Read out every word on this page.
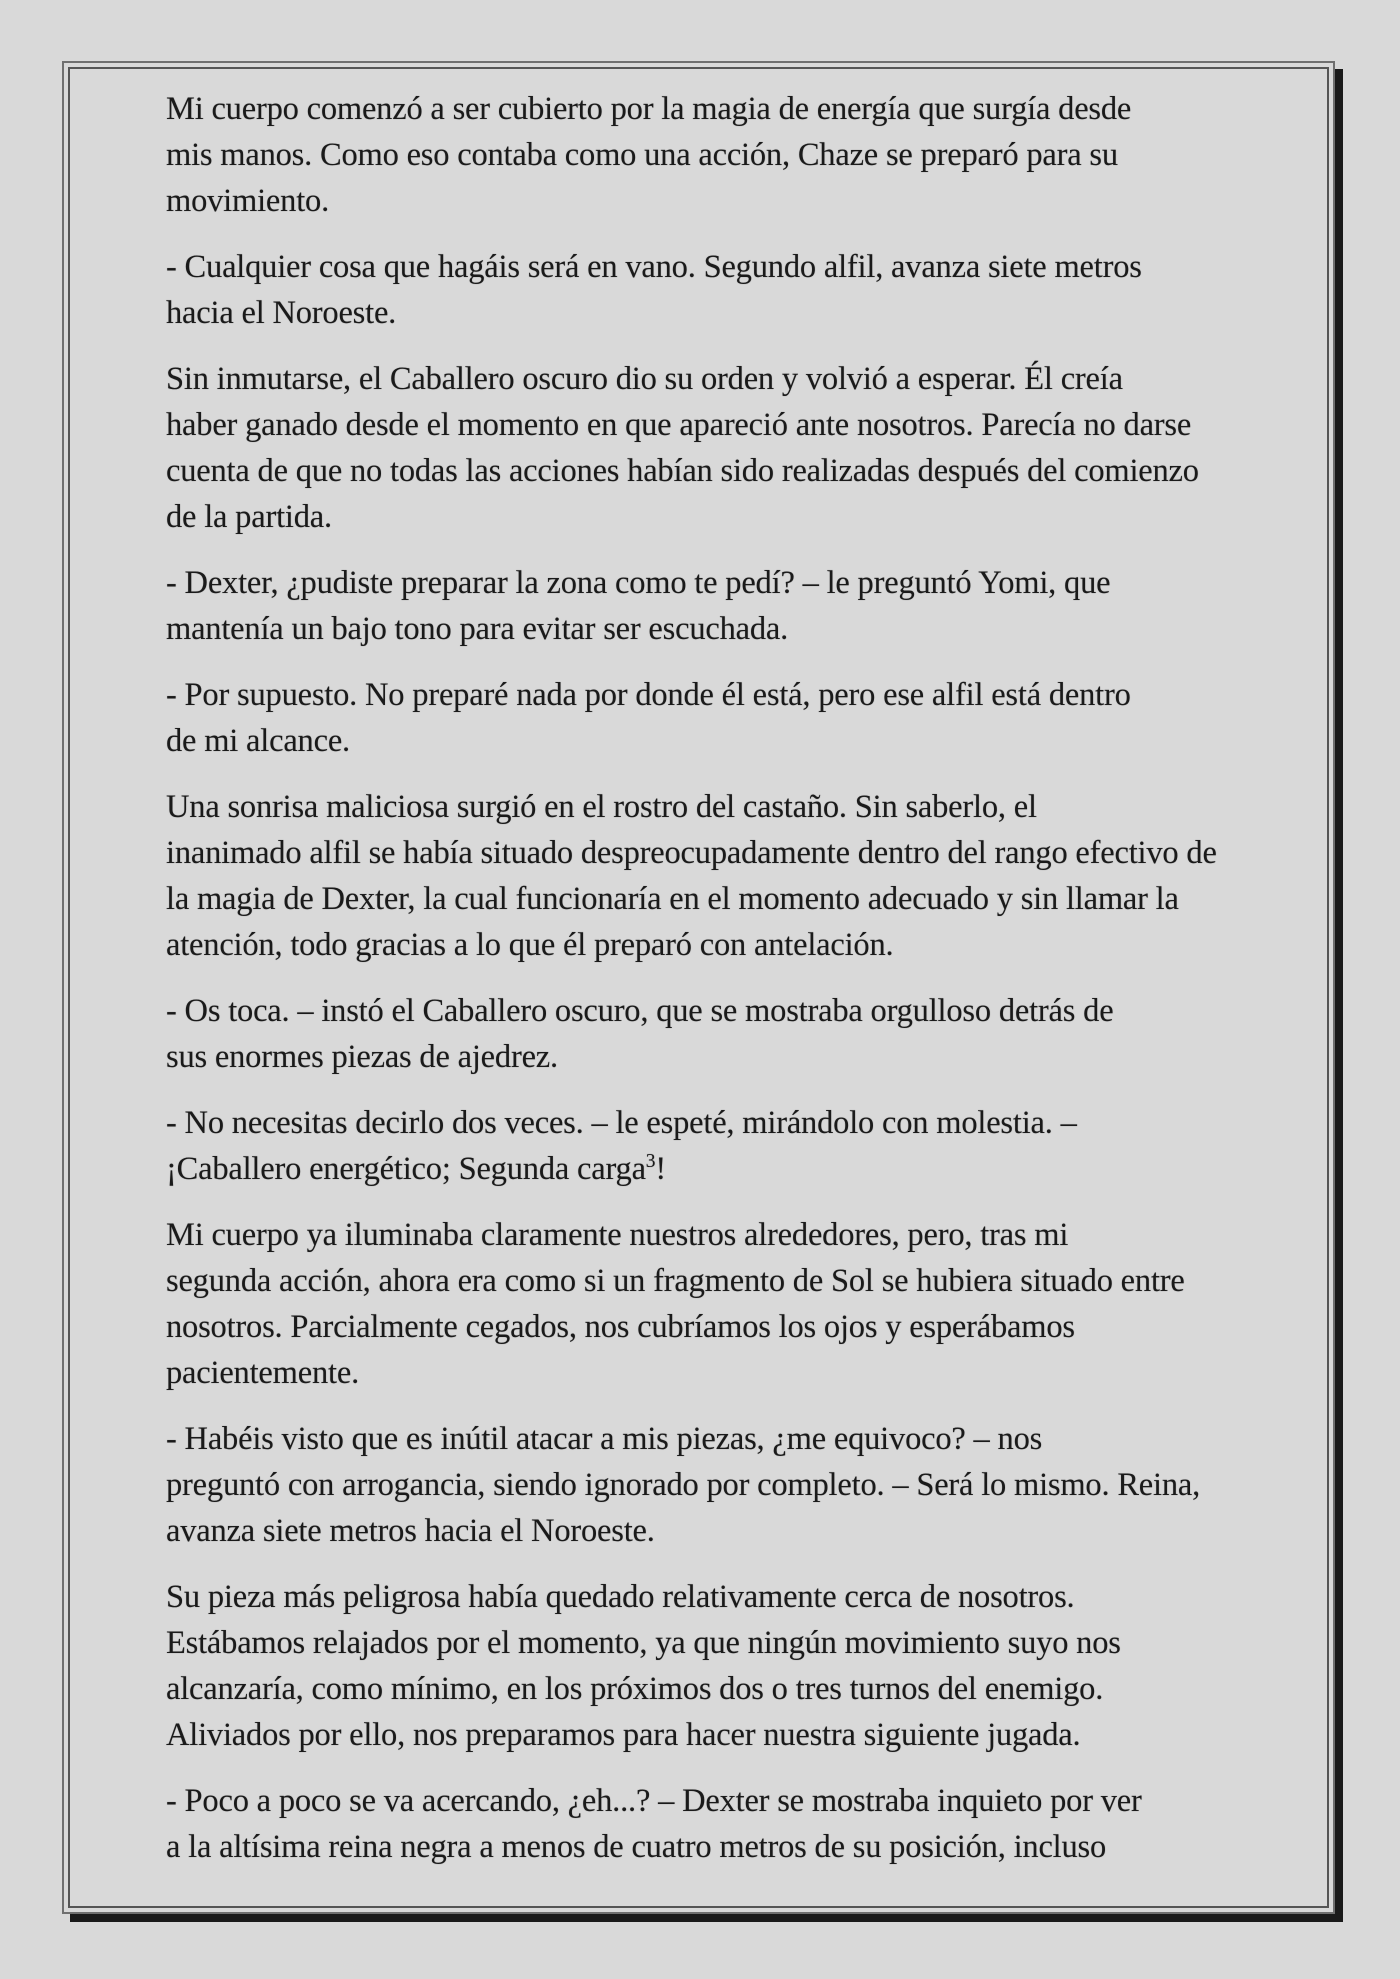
Mi cuerpo comenzó a ser cubierto por la magia de energía que surgía desde
mis manos. Como eso contaba como una acción, Chaze se preparó para su
movimiento.

- Cualquier cosa que hagáis será en vano. Segundo alfil, avanza siete metros
hacia el Noroeste.

Sin inmutarse, el Caballero oscuro dio su orden y volvió a esperar. Él creía
haber ganado desde el momento en que apareció ante nosotros. Parecía no darse
cuenta de que no todas las acciones habían sido realizadas después del comienzo
de la partida.

- Dexter, ¿pudiste preparar la zona como te pedí? – le preguntó Yomi, que
mantenía un bajo tono para evitar ser escuchada.

- Por supuesto. No preparé nada por donde él está, pero ese alfil está dentro
de mi alcance.

Una sonrisa maliciosa surgió en el rostro del castaño. Sin saberlo, el
inanimado alfil se había situado despreocupadamente dentro del rango efectivo de
la magia de Dexter, la cual funcionaría en el momento adecuado y sin llamar la
atención, todo gracias a lo que él preparó con antelación.

- Os toca. – instó el Caballero oscuro, que se mostraba orgulloso detrás de
sus enormes piezas de ajedrez.

- No necesitas decirlo dos veces. – le espeté, mirándolo con molestia. –
¡Caballero energético; Segunda carga$^3$!

Mi cuerpo ya iluminaba claramente nuestros alrededores, pero, tras mi
segunda acción, ahora era como si un fragmento de Sol se hubiera situado entre
nosotros. Parcialmente cegados, nos cubríamos los ojos y esperábamos
pacientemente.

- Habéis visto que es inútil atacar a mis piezas, ¿me equivoco? – nos
preguntó con arrogancia, siendo ignorado por completo. – Será lo mismo. Reina,
avanza siete metros hacia el Noroeste.

Su pieza más peligrosa había quedado relativamente cerca de nosotros.
Estábamos relajados por el momento, ya que ningún movimiento suyo nos
alcanzaría, como mínimo, en los próximos dos o tres turnos del enemigo.
Aliviados por ello, nos preparamos para hacer nuestra siguiente jugada.

- Poco a poco se va acercando, ¿eh...? – Dexter se mostraba inquieto por ver
a la altísima reina negra a menos de cuatro metros de su posición, incluso
